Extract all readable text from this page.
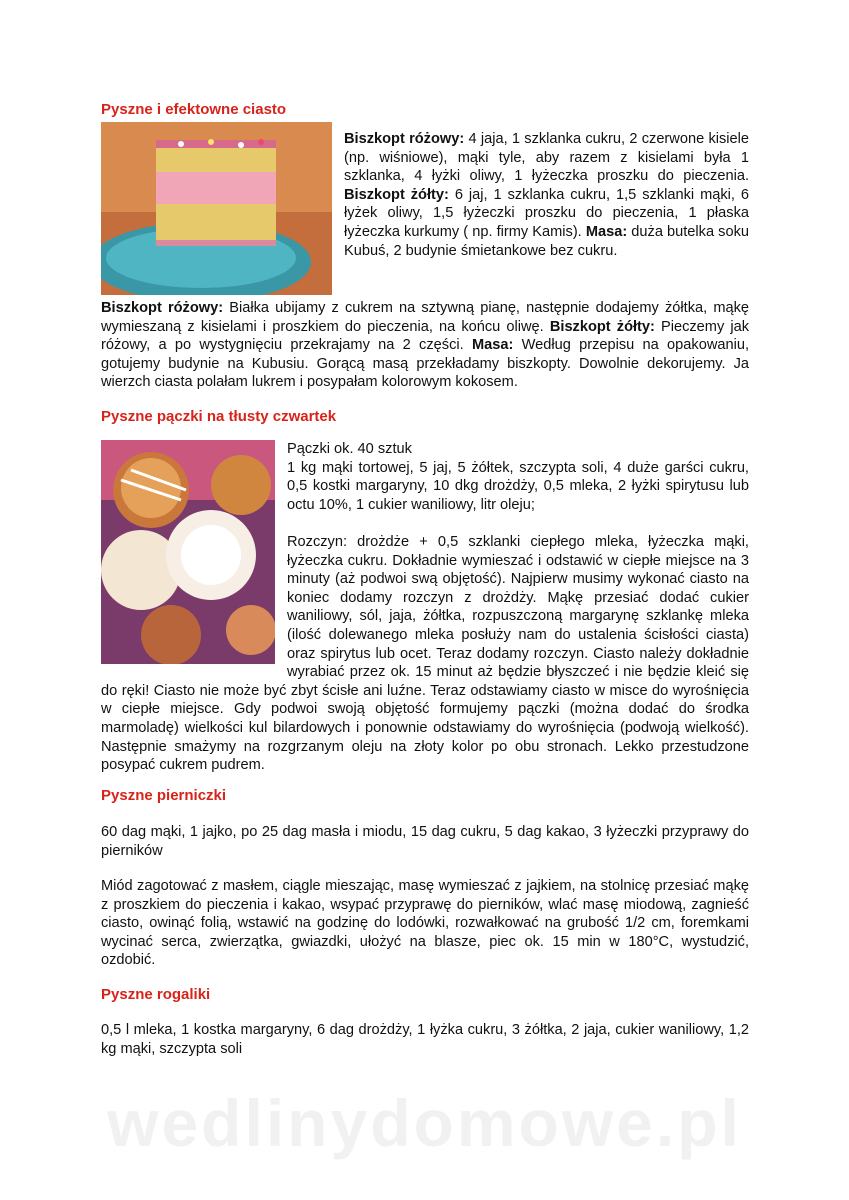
Pyszne i efektowne ciasto

Biszkopt różowy: 4 jaja, 1 szklanka cukru, 2 czerwone kisiele (np. wiśniowe), mąki tyle, aby razem z kisielami była 1 szklanka, 4 łyżki oliwy, 1 łyżeczka proszku do pieczenia. Biszkopt żółty: 6 jaj, 1 szklanka cukru, 1,5 szklanki mąki, 6 łyżek oliwy, 1,5 łyżeczki proszku do pieczenia, 1 płaska łyżeczka kurkumy ( np. firmy Kamis). Masa: duża butelka soku Kubuś, 2 budynie śmietankowe bez cukru.

Biszkopt różowy: Białka ubijamy z cukrem na sztywną pianę, następnie dodajemy żółtka, mąkę wymieszaną z kisielami i proszkiem do pieczenia, na końcu oliwę. Biszkopt żółty: Pieczemy jak różowy, a po wystygnięciu przekrajamy na 2 części. Masa: Według przepisu na opakowaniu, gotujemy budynie na Kubusiu. Gorącą masą przekładamy biszkopty. Dowolnie dekorujemy. Ja wierzch ciasta polałam lukrem i posypałam kolorowym kokosem.

Pyszne pączki na tłusty czwartek
Pączki ok. 40 sztuk
1 kg mąki tortowej, 5 jaj, 5 żółtek, szczypta soli, 4 duże garści cukru, 0,5 kostki margaryny, 10 dkg drożdży, 0,5 mleka, 2 łyżki spirytusu lub octu 10%, 1 cukier waniliowy, litr oleju;
Rozczyn: drożdże + 0,5 szklanki ciepłego mleka, łyżeczka mąki, łyżeczka cukru. Dokładnie wymieszać i odstawić w ciepłe miejsce na 3 minuty (aż podwoi swą objętość). Najpierw musimy wykonać ciasto na koniec dodamy rozczyn z drożdży. Mąkę przesiać dodać cukier waniliowy, sól, jaja, żółtka, rozpuszczoną margarynę szklankę mleka (ilość dolewanego mleka posłuży nam do ustalenia ścisłości ciasta) oraz spirytus lub ocet. Teraz dodamy rozczyn. Ciasto należy dokładnie wyrabiać przez ok. 15 minut aż będzie błyszczeć i nie będzie kleić się do ręki! Ciasto nie może być zbyt ścisłe ani luźne. Teraz odstawiamy ciasto w misce do wyrośnięcia w ciepłe miejsce. Gdy podwoi swoją objętość formujemy pączki (można dodać do środka marmoladę) wielkości kul bilardowych i ponownie odstawiamy do wyrośnięcia (podwoją wielkość). Następnie smażymy na rozgrzanym oleju na złoty kolor po obu stronach. Lekko przestudzone posypać cukrem pudrem.
Pyszne pierniczki

60 dag mąki, 1 jajko, po 25 dag masła i miodu, 15 dag cukru, 5 dag kakao, 3 łyżeczki przyprawy do pierników

Miód zagotować z masłem, ciągle mieszając, masę wymieszać z jajkiem, na stolnicę przesiać mąkę z proszkiem do pieczenia i kakao, wsypać przyprawę do pierników, wlać masę miodową, zagnieść ciasto, owinąć folią, wstawić na godzinę do lodówki, rozwałkować na grubość 1/2 cm, foremkami wycinać serca, zwierzątka, gwiazdki, ułożyć na blasze, piec ok. 15 min w 180°C, wystudzić, ozdobić.

Pyszne rogaliki

0,5 l mleka, 1 kostka margaryny, 6 dag drożdży, 1 łyżka cukru, 3 żółtka, 2 jaja, cukier waniliowy, 1,2 kg mąki, szczypta soli

wedlinydomowe.pl
